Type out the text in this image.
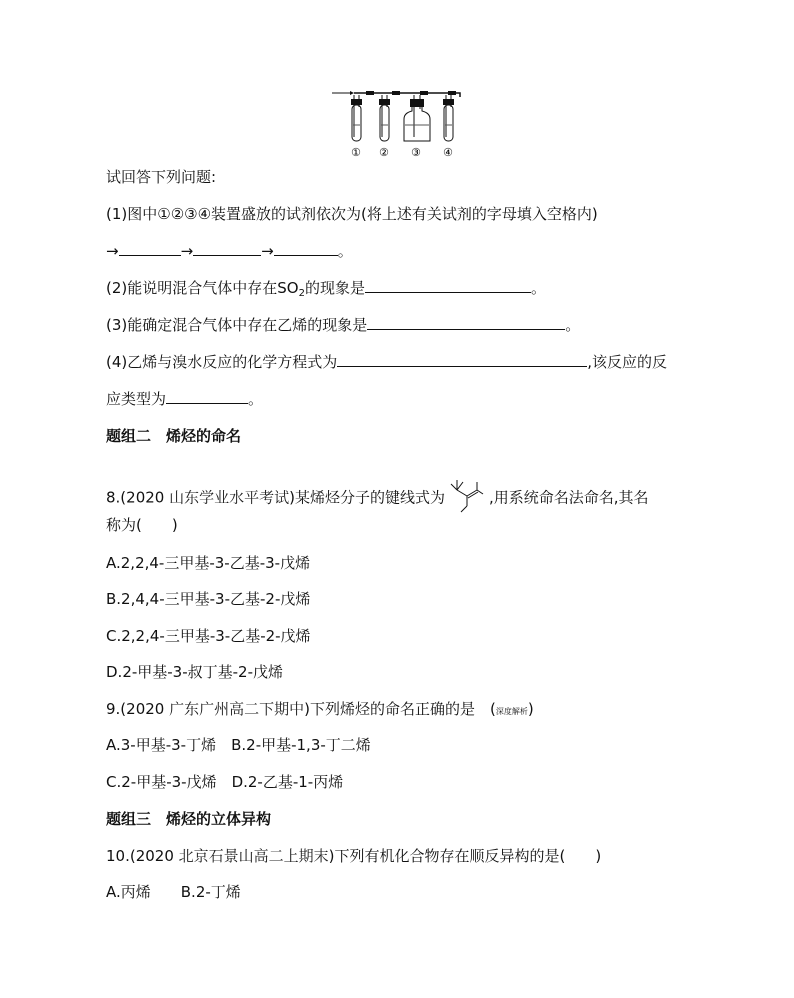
① ② ③ ④
试回答下列问题:
(1)图中①②③④装置盛放的试剂依次为(将上述有关试剂的字母填入空格内)
→	→	→	。
(2)能说明混合气体中存在$SO_2$的现象是	。
(3)能确定混合气体中存在乙烯的现象是	。
(4)乙烯与溴水反应的化学方程式为	,该反应的反
应类型为	。
题组二　烯烃的命名
8.(2020 山东学业水平考试)某烯烃分子的键线式为	,用系统命名法命名,其名
称为(　　)
A.2,2,4-三甲基-3-乙基-3-戊烯
B.2,4,4-三甲基-3-乙基-2-戊烯
C.2,2,4-三甲基-3-乙基-2-戊烯
D.2-甲基-3-叔丁基-2-戊烯
9.(2020 广东广州高二下期中)下列烯烃的命名正确的是　(深度解析)
A.3-甲基-3-丁烯　B.2-甲基-1,3-丁二烯
C.2-甲基-3-戊烯　D.2-乙基-1-丙烯
题组三　烯烃的立体异构
10.(2020 北京石景山高二上期末)下列有机化合物存在顺反异构的是(　　)
A.丙烯　　B.2-丁烯
